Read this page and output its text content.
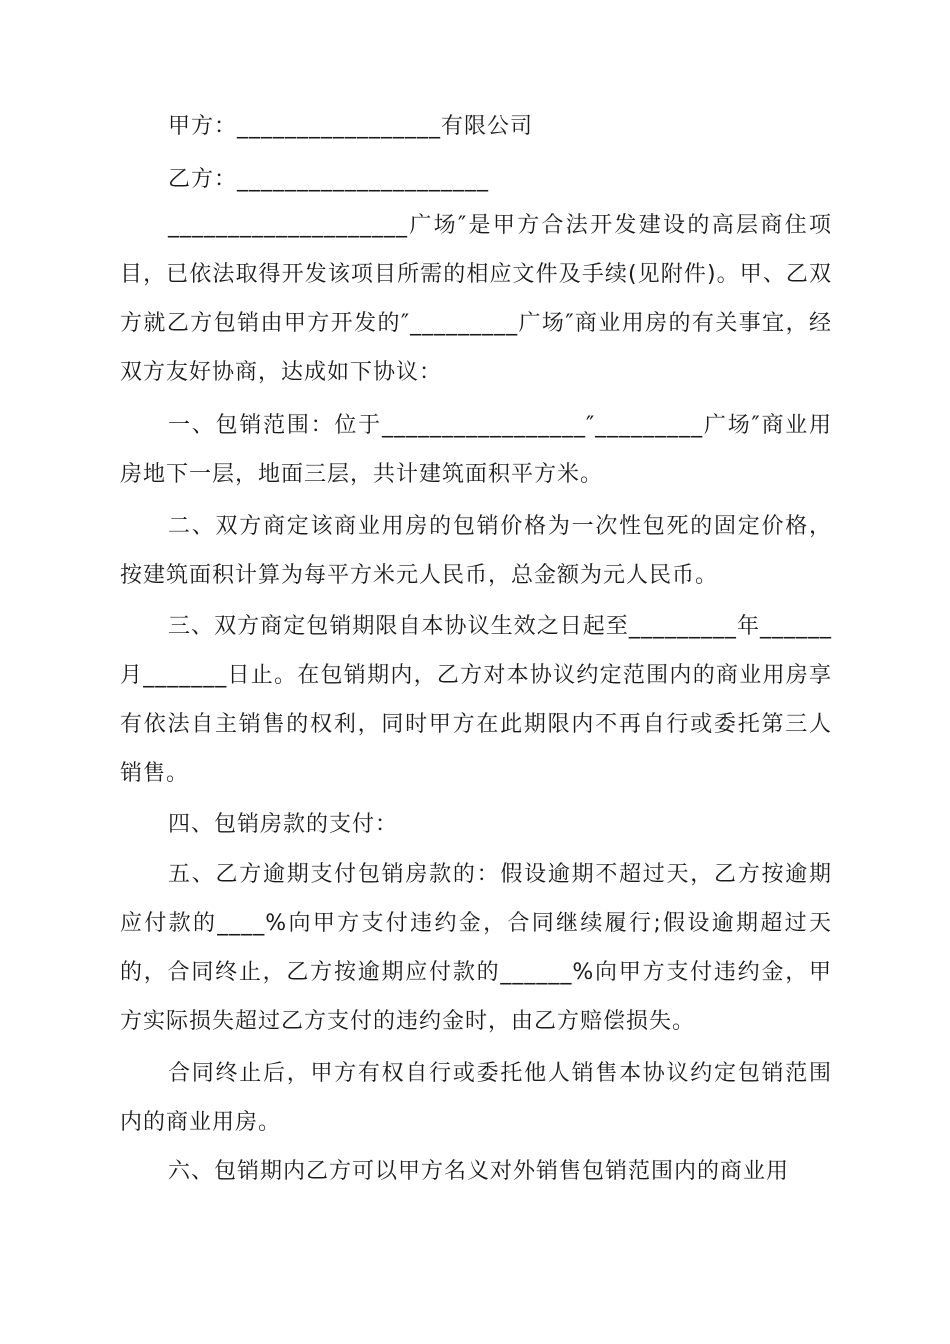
甲方：_________________有限公司

乙方：_____________________

____________________广场″是甲方合法开发建设的高层商住项目，已依法取得开发该项目所需的相应文件及手续(见附件)。甲、乙双方就乙方包销由甲方开发的″_________广场″商业用房的有关事宜，经双方友好协商，达成如下协议：

一、包销范围：位于_________________″_________广场″商业用房地下一层，地面三层，共计建筑面积平方米。

二、双方商定该商业用房的包销价格为一次性包死的固定价格，按建筑面积计算为每平方米元人民币，总金额为元人民币。

三、双方商定包销期限自本协议生效之日起至_________年______月_______日止。在包销期内，乙方对本协议约定范围内的商业用房享有依法自主销售的权利，同时甲方在此期限内不再自行或委托第三人销售。

四、包销房款的支付：

五、乙方逾期支付包销房款的：假设逾期不超过天，乙方按逾期应付款的____%向甲方支付违约金，合同继续履行;假设逾期超过天的，合同终止，乙方按逾期应付款的______%向甲方支付违约金，甲方实际损失超过乙方支付的违约金时，由乙方赔偿损失。

合同终止后，甲方有权自行或委托他人销售本协议约定包销范围内的商业用房。

六、包销期内乙方可以甲方名义对外销售包销范围内的商业用
